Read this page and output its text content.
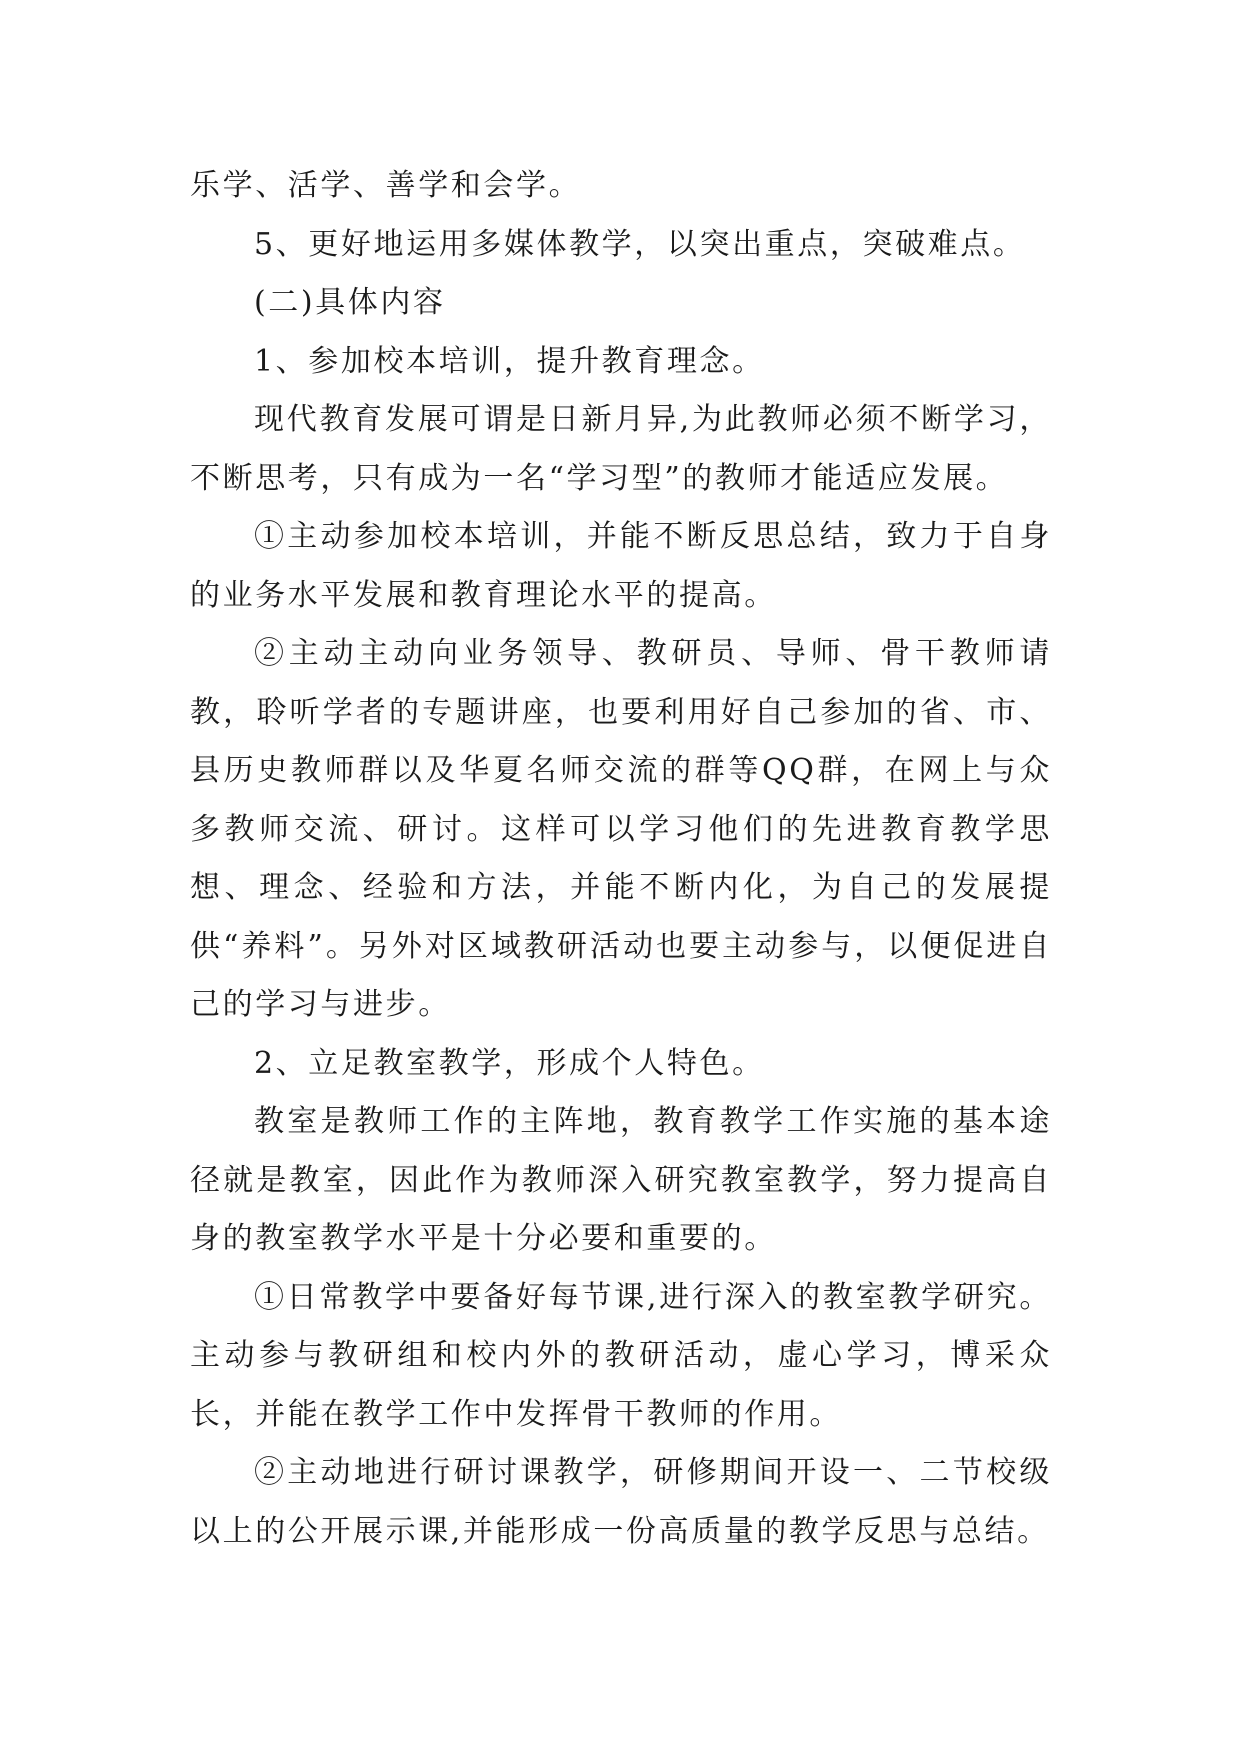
乐学、活学、善学和会学。

5、更好地运用多媒体教学，以突出重点，突破难点。

(二)具体内容

1、参加校本培训，提升教育理念。

现代教育发展可谓是日新月异,为此教师必须不断学习，不断思考，只有成为一名“学习型”的教师才能适应发展。

①主动参加校本培训，并能不断反思总结，致力于自身的业务水平发展和教育理论水平的提高。

②主动主动向业务领导、教研员、导师、骨干教师请教，聆听学者的专题讲座，也要利用好自己参加的省、市、县历史教师群以及华夏名师交流的群等QQ群，在网上与众多教师交流、研讨。这样可以学习他们的先进教育教学思想、理念、经验和方法，并能不断内化，为自己的发展提供“养料”。另外对区域教研活动也要主动参与，以便促进自己的学习与进步。

2、立足教室教学，形成个人特色。

教室是教师工作的主阵地，教育教学工作实施的基本途径就是教室，因此作为教师深入研究教室教学，努力提高自身的教室教学水平是十分必要和重要的。

①日常教学中要备好每节课,进行深入的教室教学研究。主动参与教研组和校内外的教研活动，虚心学习，博采众长，并能在教学工作中发挥骨干教师的作用。

②主动地进行研讨课教学，研修期间开设一、二节校级以上的公开展示课,并能形成一份高质量的教学反思与总结。
